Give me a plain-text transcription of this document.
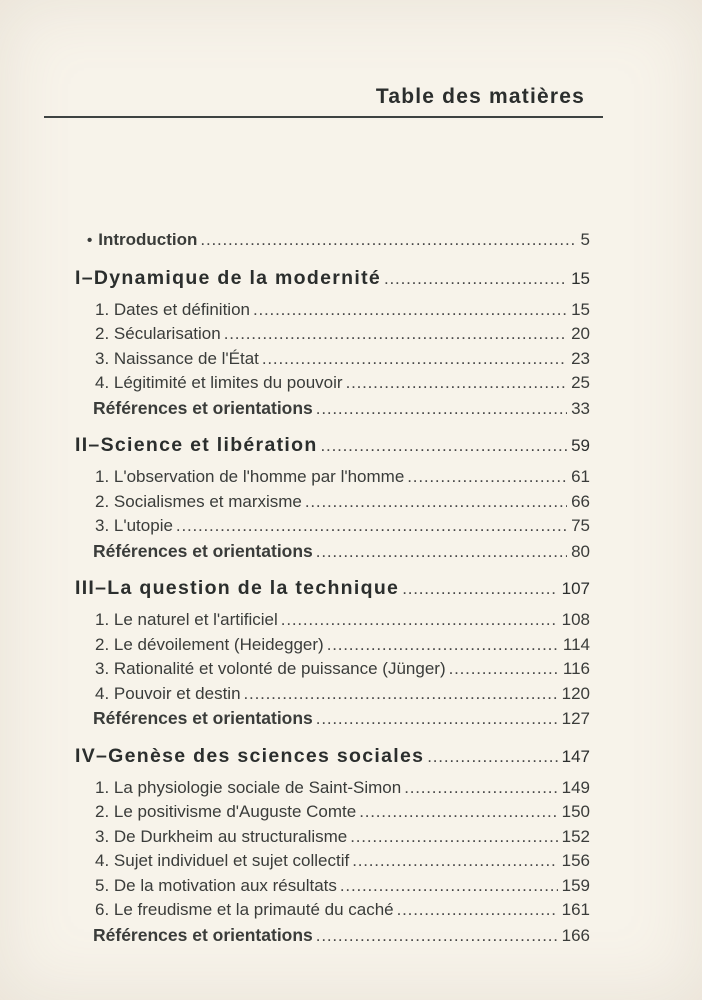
Table des matières
• Introduction .....	5
I–Dynamique de la modernité .....	15
1. Dates et définition .....	15
2. Sécularisation .....	20
3. Naissance de l'État .....	23
4. Légitimité et limites du pouvoir .....	25
Références et orientations .....	33
II–Science et libération .....	59
1. L'observation de l'homme par l'homme .....	61
2. Socialismes et marxisme .....	66
3. L'utopie .....	75
Références et orientations .....	80
III–La question de la technique .....	107
1. Le naturel et l'artificiel .....	108
2. Le dévoilement (Heidegger) .....	114
3. Rationalité et volonté de puissance (Jünger) .....	116
4. Pouvoir et destin .....	120
Références et orientations .....	127
IV–Genèse des sciences sociales .....	147
1. La physiologie sociale de Saint-Simon .....	149
2. Le positivisme d'Auguste Comte .....	150
3. De Durkheim au structuralisme .....	152
4. Sujet individuel et sujet collectif .....	156
5. De la motivation aux résultats .....	159
6. Le freudisme et la primauté du caché .....	161
Références et orientations .....	166
